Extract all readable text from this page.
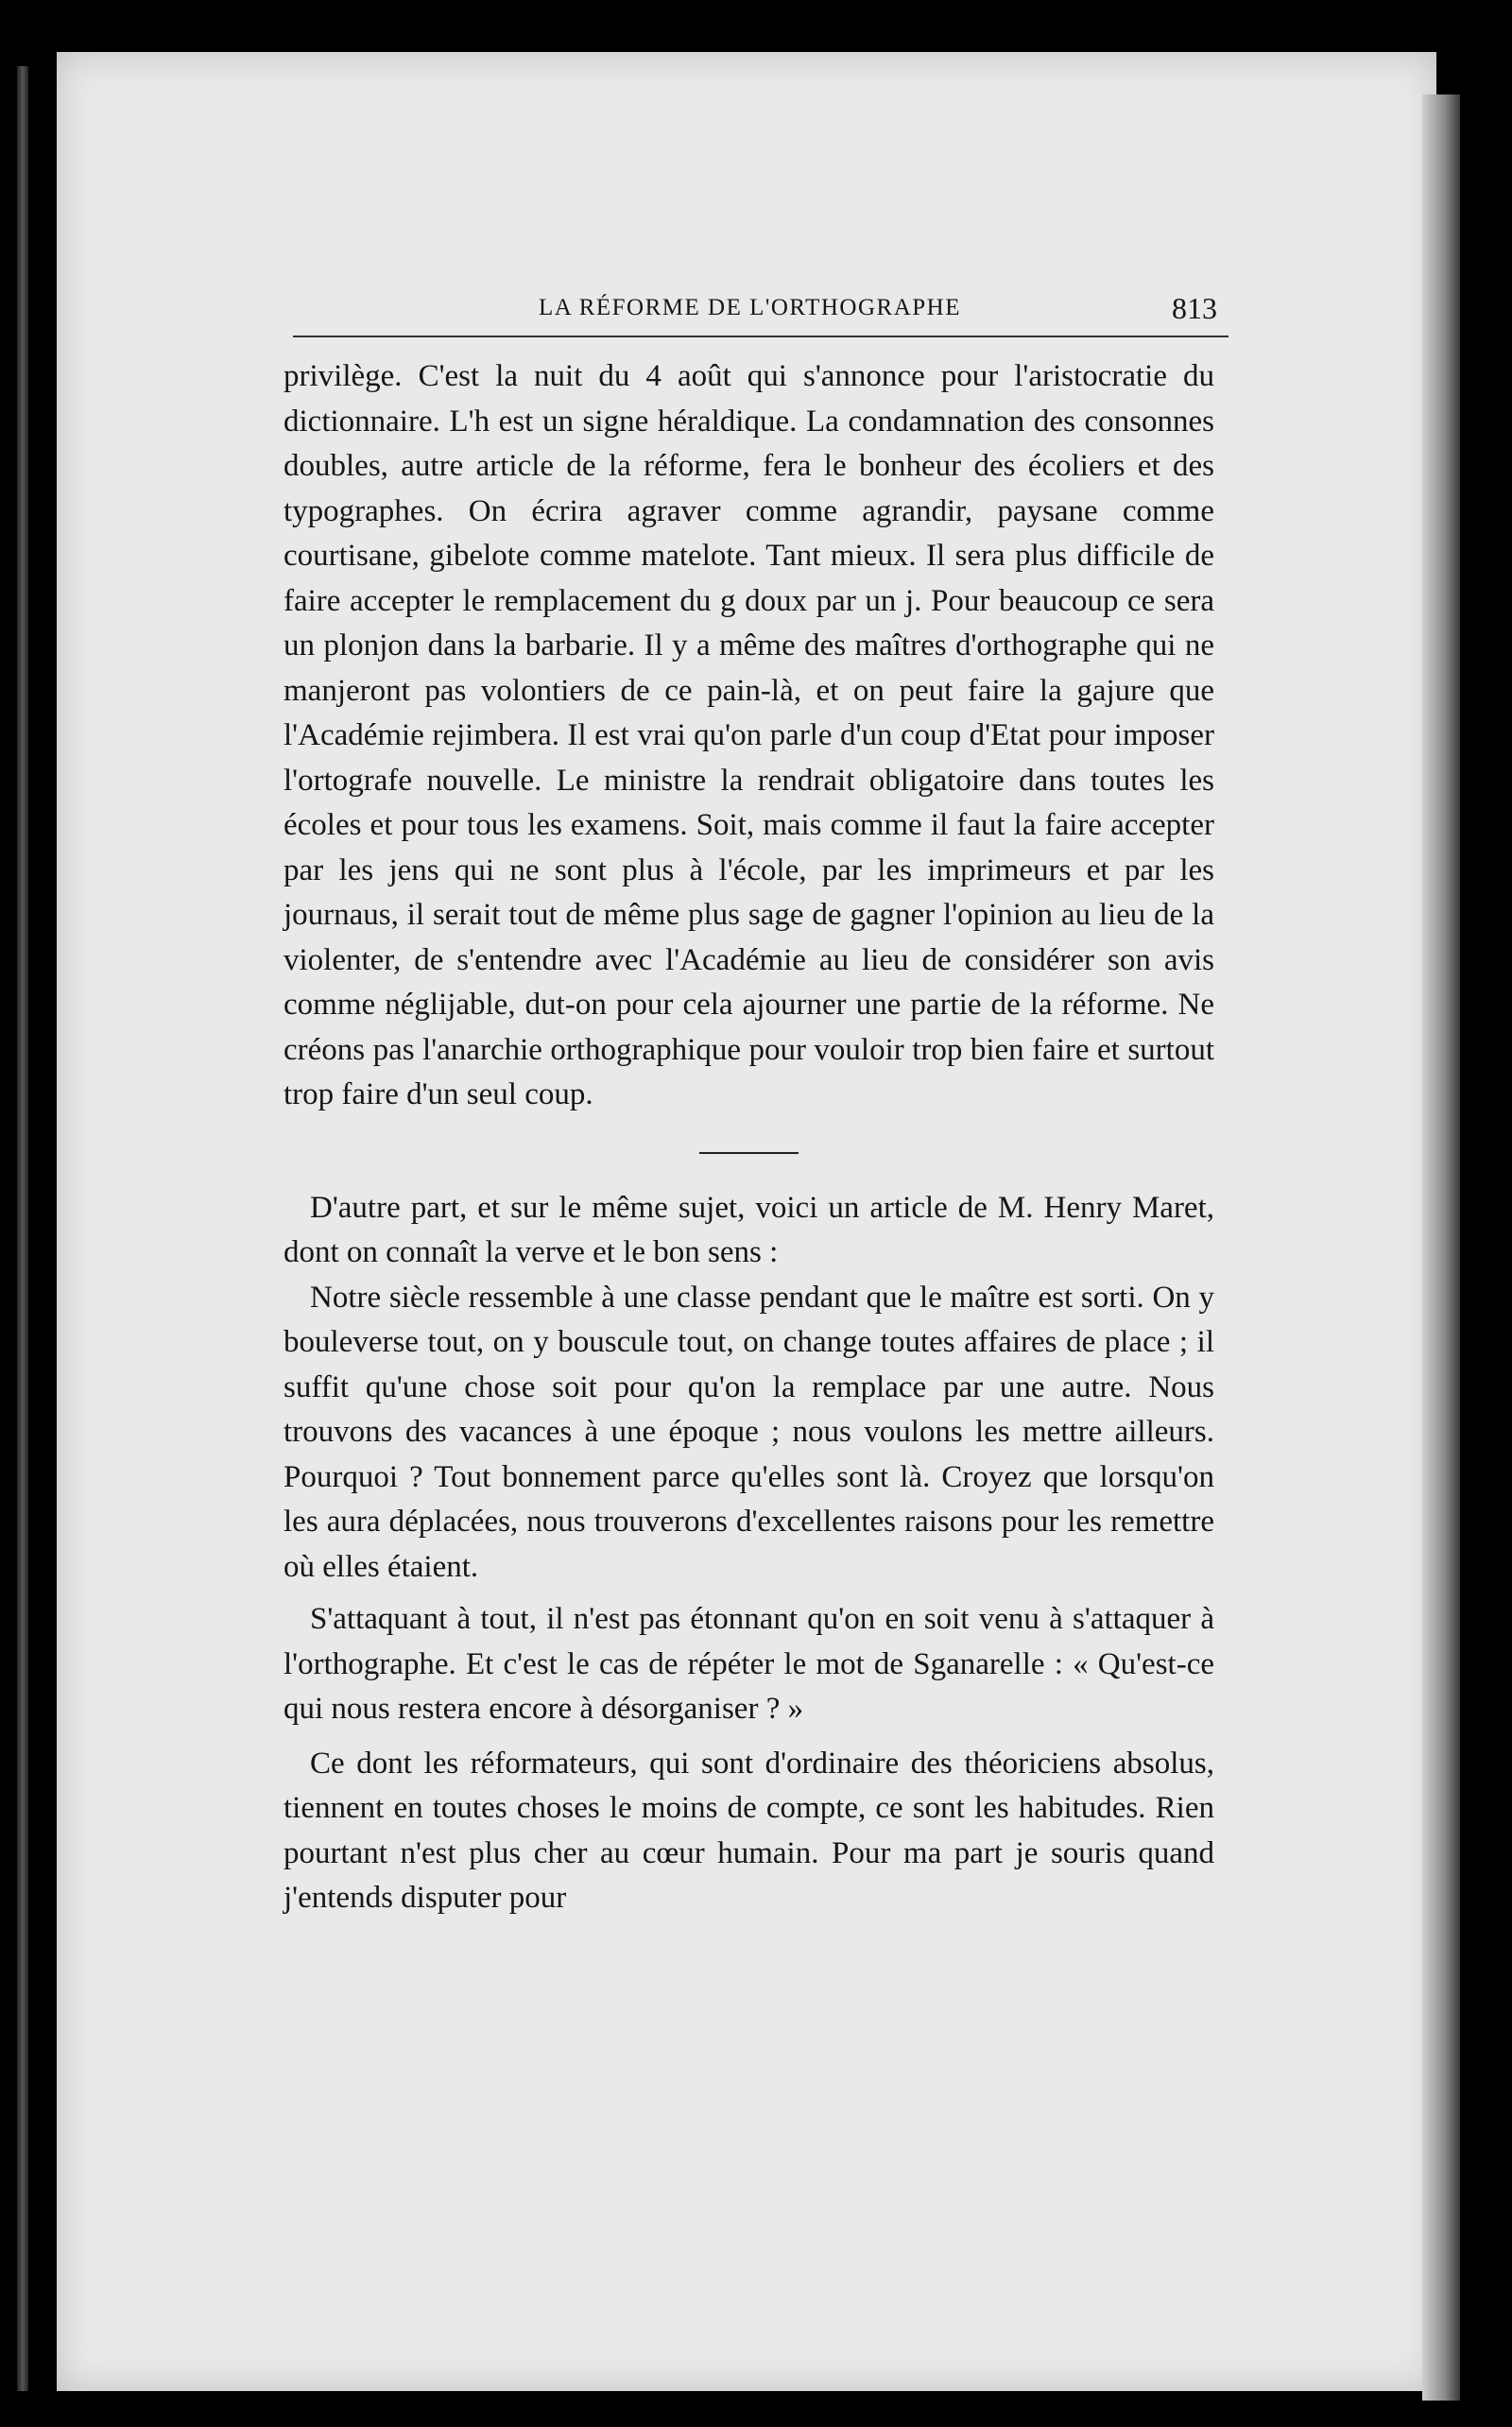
LA RÉFORME DE L'ORTHOGRAPHE	813

privilège. C'est la nuit du 4 août qui s'annonce pour l'aristocratie du dictionnaire. L'h est un signe héraldique. La condamnation des consonnes doubles, autre article de la réforme, fera le bonheur des écoliers et des typographes. On écrira agraver comme agrandir, paysane comme courtisane, gibelote comme matelote. Tant mieux. Il sera plus difficile de faire accepter le remplacement du g doux par un j. Pour beaucoup ce sera un plonjon dans la barbarie. Il y a même des maîtres d'orthographe qui ne manjeront pas volontiers de ce pain-là, et on peut faire la gajure que l'Académie rejimbera. Il est vrai qu'on parle d'un coup d'Etat pour imposer l'ortografe nouvelle. Le ministre la rendrait obligatoire dans toutes les écoles et pour tous les examens. Soit, mais comme il faut la faire accepter par les jens qui ne sont plus à l'école, par les imprimeurs et par les journaus, il serait tout de même plus sage de gagner l'opinion au lieu de la violenter, de s'entendre avec l'Académie au lieu de considérer son avis comme néglijable, dut-on pour cela ajourner une partie de la réforme. Ne créons pas l'anarchie orthographique pour vouloir trop bien faire et surtout trop faire d'un seul coup.

D'autre part, et sur le même sujet, voici un article de M. Henry Maret, dont on connaît la verve et le bon sens :

Notre siècle ressemble à une classe pendant que le maître est sorti. On y bouleverse tout, on y bouscule tout, on change toutes affaires de place ; il suffit qu'une chose soit pour qu'on la remplace par une autre. Nous trouvons des vacances à une époque ; nous voulons les mettre ailleurs. Pourquoi ? Tout bonnement parce qu'elles sont là. Croyez que lorsqu'on les aura déplacées, nous trouverons d'excellentes raisons pour les remettre où elles étaient.

S'attaquant à tout, il n'est pas étonnant qu'on en soit venu à s'attaquer à l'orthographe. Et c'est le cas de répéter le mot de Sganarelle : « Qu'est-ce qui nous restera encore à désorganiser ? »

Ce dont les réformateurs, qui sont d'ordinaire des théoriciens absolus, tiennent en toutes choses le moins de compte, ce sont les habitudes. Rien pourtant n'est plus cher au cœur humain. Pour ma part je souris quand j'entends disputer pour
